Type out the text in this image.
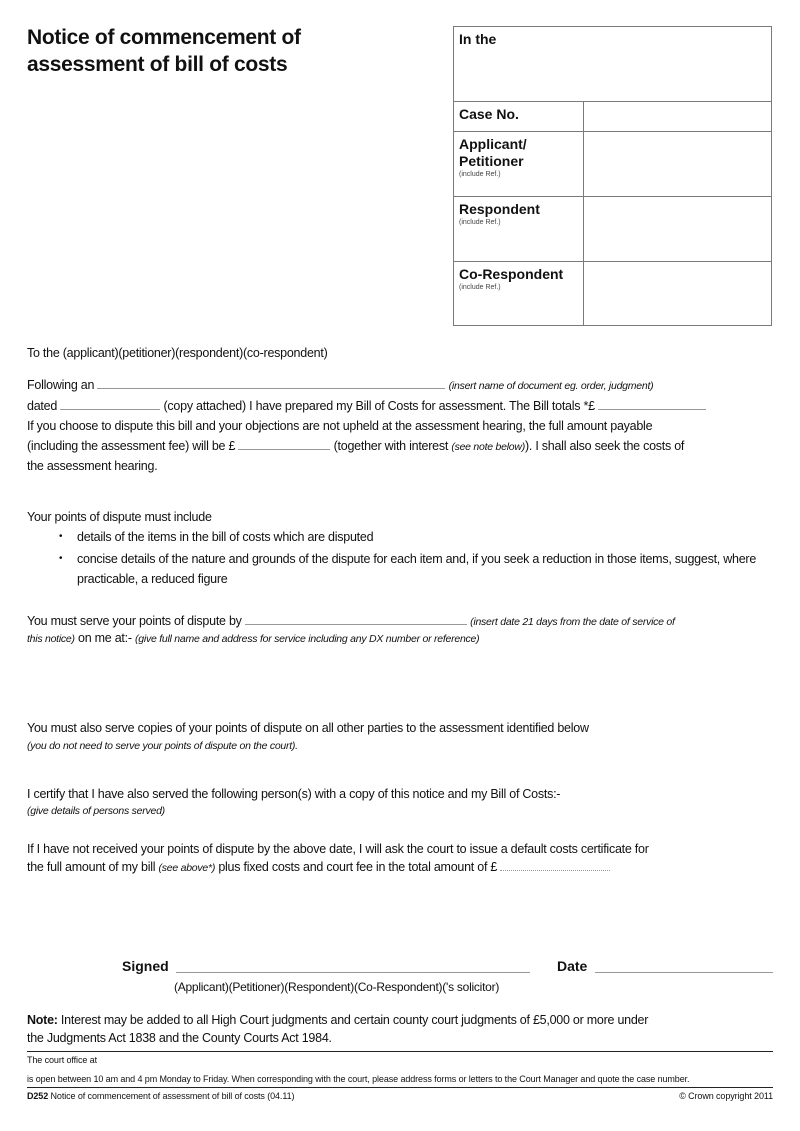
Notice of commencement of
assessment of bill of costs
In the
Case No.
Applicant/
Petitioner
(include Ref.)
Respondent
(include Ref.)
Co-Respondent
(include Ref.)
To the (applicant)(petitioner)(respondent)(co-respondent)
Following an	(insert name of document eg. order, judgment)
dated	(copy attached) I have prepared my Bill of Costs for assessment. The Bill totals *£
If you choose to dispute this bill and your objections are not upheld at the assessment hearing, the full amount payable
(including the assessment fee) will be £	(together with interest (see note below)). I shall also seek the costs of
the assessment hearing.
Your points of dispute must include
• details of the items in the bill of costs which are disputed
• concise details of the nature and grounds of the dispute for each item and, if you seek a reduction in those items, suggest, where practicable, a reduced figure
You must serve your points of dispute by	(insert date 21 days from the date of service of
this notice) on me at:- (give full name and address for service including any DX number or reference)
You must also serve copies of your points of dispute on all other parties to the assessment identified below
(you do not need to serve your points of dispute on the court).
I certify that I have also served the following person(s) with a copy of this notice and my Bill of Costs:-
(give details of persons served)
If I have not received your points of dispute by the above date, I will ask the court to issue a default costs certificate for
the full amount of my bill (see above*) plus fixed costs and court fee in the total amount of £
Signed
(Applicant)(Petitioner)(Respondent)(Co-Respondent)('s solicitor)
Date
Note: Interest may be added to all High Court judgments and certain county court judgments of £5,000 or more under
the Judgments Act 1838 and the County Courts Act 1984.
The court office at
is open between 10 am and 4 pm Monday to Friday. When corresponding with the court, please address forms or letters to the Court Manager and quote the case number.
D252 Notice of commencement of assessment of bill of costs (04.11)	© Crown copyright 2011
